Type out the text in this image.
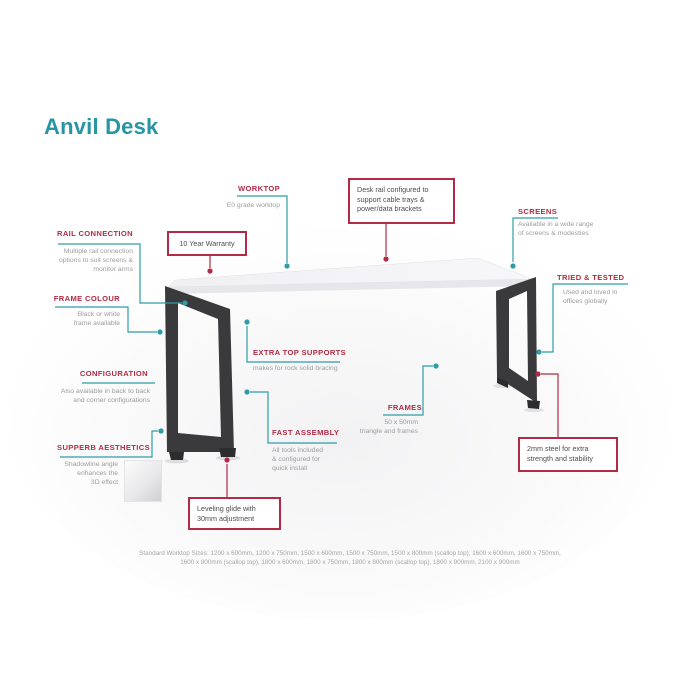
Anvil Desk
WORKTOP
E0 grade worktop
Desk rail configured to
support cable trays &
power/data brackets
10 Year Warranty
SCREENS
Available in a wide range
of screens & modesties
TRIED & TESTED
Used and loved in
offices globally
RAIL CONNECTION
Multiple rail connection
options to suit screens &
monitor arms
FRAME COLOUR
Black or white
frame available
CONFIGURATION
Also available in back to back
and corner configurations
SUPPERB AESTHETICS
Shadowline angle
enhances the
3D effect
EXTRA TOP SUPPORTS
makes for rock solid bracing
FAST ASSEMBLY
All tools included
& configured for
quick install
FRAMES
50 x 50mm
triangle and frames
2mm steel for extra
strength and stability
Leveling glide with
30mm adjustment
Standard Worktop Sizes: 1200 x 600mm, 1200 x 750mm, 1500 x 600mm, 1500 x 750mm, 1500 x 800mm (scallop top), 1600 x 600mm, 1600 x 750mm,
1600 x 800mm (scallop top), 1800 x 600mm, 1800 x 750mm, 1800 x 800mm (scallop top), 1800 x 900mm, 2100 x 900mm
